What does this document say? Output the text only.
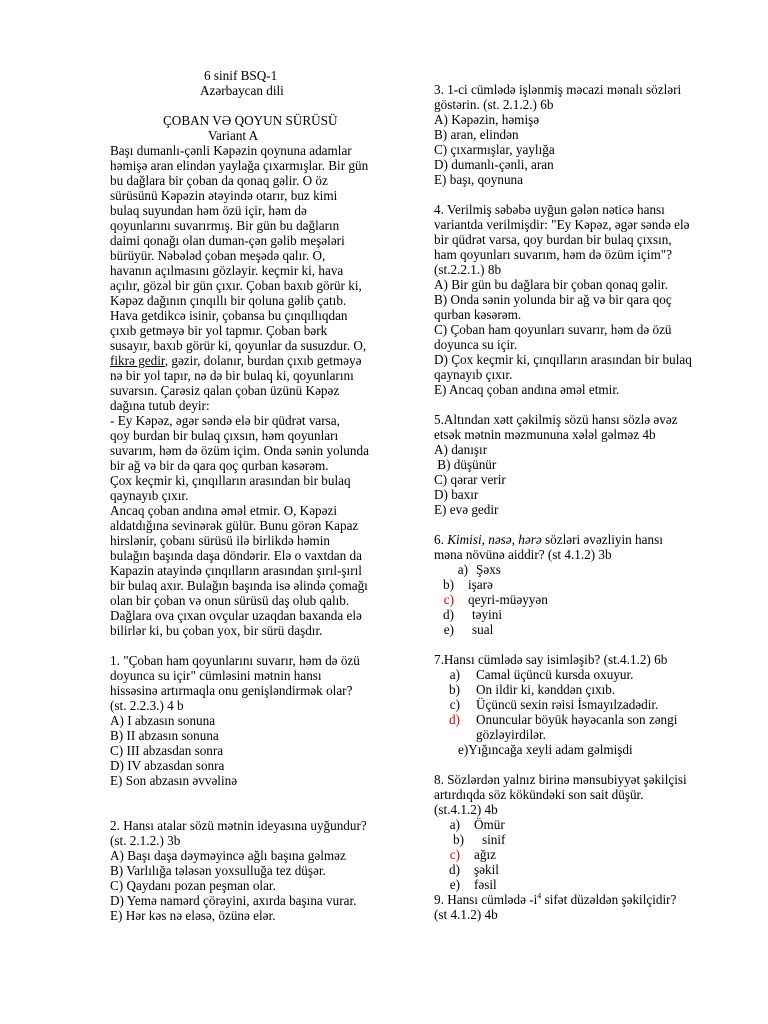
6 sinif BSQ-1
Azərbaycan dili
ÇOBAN VƏ QOYUN SÜRÜSÜ
Variant A
Başı dumanlı-çənli Kəpəzin qoynuna adamlar
həmişə aran elindən yaylağa çıxarmışlar. Bir gün
bu dağlara bir çoban da qonaq gəlir. O öz
sürüsünü Kəpəzin ətəyində otarır, buz kimi
bulaq suyundan həm özü içir, həm də
qoyunlarını suvarırmış. Bir gün bu dağların
daimi qonağı olan duman-çən gəlib meşələri
bürüyür. Nəbələd çoban meşədə qalır. O,
havanın açılmasını gözləyir. keçmir ki, hava
açılır, gözəl bir gün çıxır. Çoban baxıb görür ki,
Kəpəz dağının çınqıllı bir qoluna gəlib çatıb.
Hava getdikcə isinir, çobansa bu çınqıllıqdan
çıxıb getməyə bir yol tapmır. Çoban bərk
susayır, baxıb görür ki, qoyunlar da susuzdur. O,
fikrə gedir, gəzir, dolanır, burdan çıxıb getməyə
nə bir yol tapır, nə də bir bulaq ki, qoyunlarını
suvarsın. Çarəsiz qalan çoban üzünü Kəpəz
dağına tutub deyir:
- Ey Kəpəz, əgər səndə elə bir qüdrət varsa,
qoy burdan bir bulaq çıxsın, həm qoyunları
suvarım, həm də özüm içim. Onda sənin yolunda
bir ağ və bir də qara qoç qurban kəsərəm.
Çox keçmir ki, çınqılların arasından bir bulaq
qaynayıb çıxır.
Ancaq çoban andına əməl etmir. O, Kəpəzi
aldatdığına sevinərək gülür. Bunu görən Kapaz
hirslənir, çobanı sürüsü ilə birlikdə həmin
bulağın başında daşa döndərir. Elə o vaxtdan da
Kapazin atayində çınqılların arasından şırıl-şırıl
bir bulaq axır. Bulağın başında isə əlində çomağı
olan bir çoban və onun sürüsü daş olub qalıb.
Dağlara ova çıxan ovçular uzaqdan baxanda elə
bilirlər ki, bu çoban yox, bir sürü daşdır.
1. "Çoban ham qoyunlarını suvarır, həm də özü
doyunca su içir" cümləsini mətnin hansı
hissəsinə artırmaqla onu genişləndirmək olar?
(st. 2.2.3.) 4 b
A) I abzasın sonuna
B) II abzasın sonuna
C) III abzasdan sonra
D) IV abzasdan sonra
E) Son abzasın əvvəlinə
2. Hansı atalar sözü mətnin ideyasına uyğundur?
(st. 2.1.2.) 3b
A) Başı daşa dəyməyincə ağlı başına gəlməz
B) Varlılığa tələsən yoxsulluğa tez düşər.
C) Qaydanı pozan peşman olar.
D) Yemə namərd çörəyini, axırda başına vurar.
E) Hər kəs nə eləsə, özünə elər.
3. 1-ci cümlədə işlənmiş məcazi mənalı sözləri
göstərin. (st. 2.1.2.) 6b
A) Kəpəzin, həmişə
B) aran, elindən
C) çıxarmışlar, yaylığa
D) dumanlı-çənli, aran
E) başı, qoynuna
4. Verilmiş səbəbə uyğun gələn nəticə hansı
variantda verilmişdir: "Ey Kəpəz, əgər səndə elə
bir qüdrət varsa, qoy burdan bir bulaq çıxsın,
ham qoyunları suvarım, həm də özüm içim"?
(st.2.2.1.) 8b
A) Bir gün bu dağlara bir çoban qonaq gəlir.
B) Onda sənin yolunda bir ağ və bir qara qoç
qurban kəsərəm.
C) Çoban ham qoyunları suvarır, həm də özü
doyunca su içir.
D) Çox keçmir ki, çınqılların arasından bir bulaq
qaynayıb çıxır.
E) Ancaq çoban andına əməl etmir.
5.Altından xətt çəkilmiş sözü hansı sözlə əvəz
etsək mətnin məzmununa xələl gəlməz 4b
A) danışır
B) düşünür
C) qərar verir
D) baxır
E) evə gedir
6. Kimisi, nəsə, hərə sözləri əvəzliyin hansı
məna növünə aiddir? (st 4.1.2) 3b
a) Şəxs
b)	işarə
c)	qeyri-müəyyən
d)	təyini
e)	sual
7.Hansı cümlədə say isimləşib? (st.4.1.2) 6b
a)	Camal üçüncü kursda oxuyur.
b)	On ildir ki, kənddən çıxıb.
c)	Üçüncü sexin rəisi İsmayılzadədir.
d)	Onuncular böyük həyəcanla son zəngi
gözləyirdilər.
e)Yığıncağa xeyli adam gəlmişdi
8. Sözlərdən yalnız birinə mənsubiyyət şəkilçisi
artırdıqda söz kökündəki son sait düşür.
(st.4.1.2) 4b
a)	Ömür
b)	sinif
c)	ağız
d)	şəkil
e)	fəsil
9. Hansı cümlədə $-i^4$ sifət düzəldən şəkilçidir?
(st 4.1.2) 4b
